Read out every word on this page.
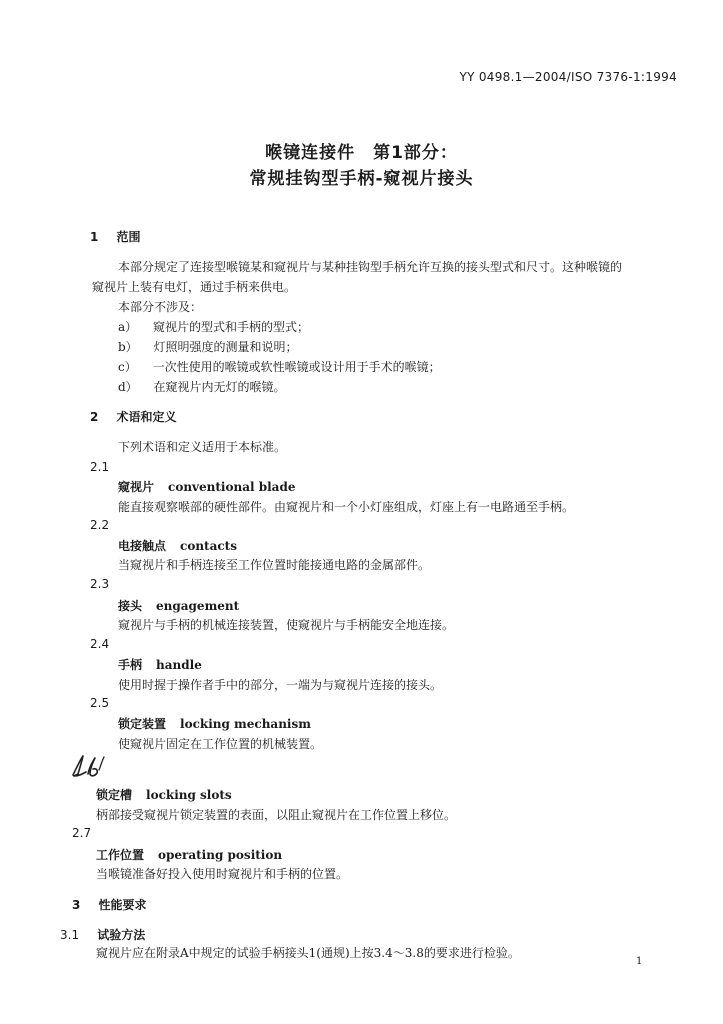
YY 0498.1—2004/ISO 7376-1:1994
喉镜连接件　第1部分：
常规挂钩型手柄-窥视片接头
1 范围
本部分规定了连接型喉镜某和窥视片与某种挂钩型手柄允许互换的接头型式和尺寸。这种喉镜的
窥视片上装有电灯，通过手柄来供电。
本部分不涉及：
a） 窥视片的型式和手柄的型式；
b） 灯照明强度的测量和说明；
c） 一次性使用的喉镜或软性喉镜或设计用于手术的喉镜；
d） 在窥视片内无灯的喉镜。
2 术语和定义
下列术语和定义适用于本标准。
2.1
窥视片 conventional blade
能直接观察喉部的硬性部件。由窥视片和一个小灯座组成，灯座上有一电路通至手柄。
2.2
电接触点 contacts
当窥视片和手柄连接至工作位置时能接通电路的金属部件。
2.3
接头 engagement
窥视片与手柄的机械连接装置，使窥视片与手柄能安全地连接。
2.4
手柄 handle
使用时握于操作者手中的部分，一端为与窥视片连接的接头。
2.5
锁定装置 locking mechanism
使窥视片固定在工作位置的机械装置。
锁定槽 locking slots
柄部接受窥视片锁定装置的表面，以阻止窥视片在工作位置上移位。
2.7
工作位置 operating position
当喉镜准备好投入使用时窥视片和手柄的位置。
3 性能要求
3.1 试验方法
窥视片应在附录A中规定的试验手柄接头1(通规)上按3.4～3.8的要求进行检验。
1
